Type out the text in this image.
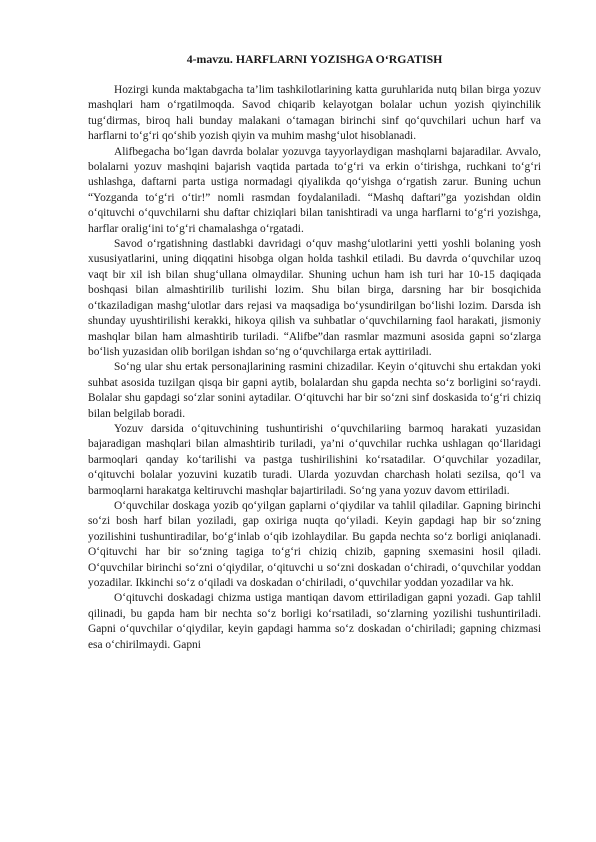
4-mavzu. HARFLARNI YOZISHGA O‘RGATISH

Hozirgi kunda maktabgacha ta’lim tashkilotlarining katta guruhlarida nutq bilan birga yozuv mashqlari ham o‘rgatilmoqda. Savod chiqarib kelayotgan bolalar uchun yozish qiyinchilik tug‘dirmas, biroq hali bunday malakani o‘tamagan birinchi sinf qo‘quvchilari uchun harf va harflarni to‘g‘ri qo‘shib yozish qiyin va muhim mashg‘ulot hisoblanadi.

Alifbegacha bo‘lgan davrda bolalar yozuvga tayyorlaydigan mashqlarni bajaradilar. Avvalo, bolalarni yozuv mashqini bajarish vaqtida partada to‘g‘ri va erkin o‘tirishga, ruchkani to‘g‘ri ushlashga, daftarni parta ustiga normadagi qiyalikda qo‘yishga o‘rgatish zarur. Buning uchun “Yozganda to‘g‘ri o‘tir!” nomli rasmdan foydalaniladi. “Mashq daftari”ga yozishdan oldin o‘qituvchi o‘quvchilarni shu daftar chiziqlari bilan tanishtiradi va unga harflarni to‘g‘ri yozishga, harflar oralig‘ini to‘g‘ri chamalashga o‘rgatadi.

Savod o‘rgatishning dastlabki davridagi o‘quv mashg‘ulotlarini yetti yoshli bolaning yosh xususiyatlarini, uning diqqatini hisobga olgan holda tashkil etiladi. Bu davrda o‘quvchilar uzoq vaqt bir xil ish bilan shug‘ullana olmaydilar. Shuning uchun ham ish turi har 10-15 daqiqada boshqasi bilan almashtirilib turilishi lozim. Shu bilan birga, darsning har bir bosqichida o‘tkaziladigan mashg‘ulotlar dars rejasi va maqsadiga bo‘ysundirilgan bo‘lishi lozim. Darsda ish shunday uyushtirilishi kerakki, hikoya qilish va suhbatlar o‘quvchilarning faol harakati, jismoniy mashqlar bilan ham almashtirib turiladi. “Alifbe”dan rasmlar mazmuni asosida gapni so‘zlarga bo‘lish yuzasidan olib borilgan ishdan so‘ng o‘quvchilarga ertak ayttiriladi.

So‘ng ular shu ertak personajlarining rasmini chizadilar. Keyin o‘qituvchi shu ertakdan yoki suhbat asosida tuzilgan qisqa bir gapni aytib, bolalardan shu gapda nechta so‘z borligini so‘raydi. Bolalar shu gapdagi so‘zlar sonini aytadilar. O‘qituvchi har bir so‘zni sinf doskasida to‘g‘ri chiziq bilan belgilab boradi.

Yozuv darsida o‘qituvchining tushuntirishi o‘quvchilariing barmoq harakati yuzasidan bajaradigan mashqlari bilan almashtirib turiladi, ya’ni o‘quvchilar ruchka ushlagan qo‘llaridagi barmoqlari qanday ko‘tarilishi va pastga tushirilishini ko‘rsatadilar. O‘quvchilar yozadilar, o‘qituvchi bolalar yozuvini kuzatib turadi. Ularda yozuvdan charchash holati sezilsa, qo‘l va barmoqlarni harakatga keltiruvchi mashqlar bajartiriladi. So‘ng yana yozuv davom ettiriladi.

O‘quvchilar doskaga yozib qo‘yilgan gaplarni o‘qiydilar va tahlil qiladilar. Gapning birinchi so‘zi bosh harf bilan yoziladi, gap oxiriga nuqta qo‘yiladi. Keyin gapdagi hap bir so‘zning yozilishini tushuntiradilar, bo‘g‘inlab o‘qib izohlaydilar. Bu gapda nechta so‘z borligi aniqlanadi. O‘qituvchi har bir so‘zning tagiga to‘g‘ri chiziq chizib, gapning sxemasini hosil qiladi. O‘quvchilar birinchi so‘zni o‘qiydilar, o‘qituvchi u so‘zni doskadan o‘chiradi, o‘quvchilar yoddan yozadilar. Ikkinchi so‘z o‘qiladi va doskadan o‘chiriladi, o‘quvchilar yoddan yozadilar va hk.

O‘qituvchi doskadagi chizma ustiga mantiqan davom ettiriladigan gapni yozadi. Gap tahlil qilinadi, bu gapda ham bir nechta so‘z borligi ko‘rsatiladi, so‘zlarning yozilishi tushuntiriladi. Gapni o‘quvchilar o‘qiydilar, keyin gapdagi hamma so‘z doskadan o‘chiriladi; gapning chizmasi esa o‘chirilmaydi. Gapni
